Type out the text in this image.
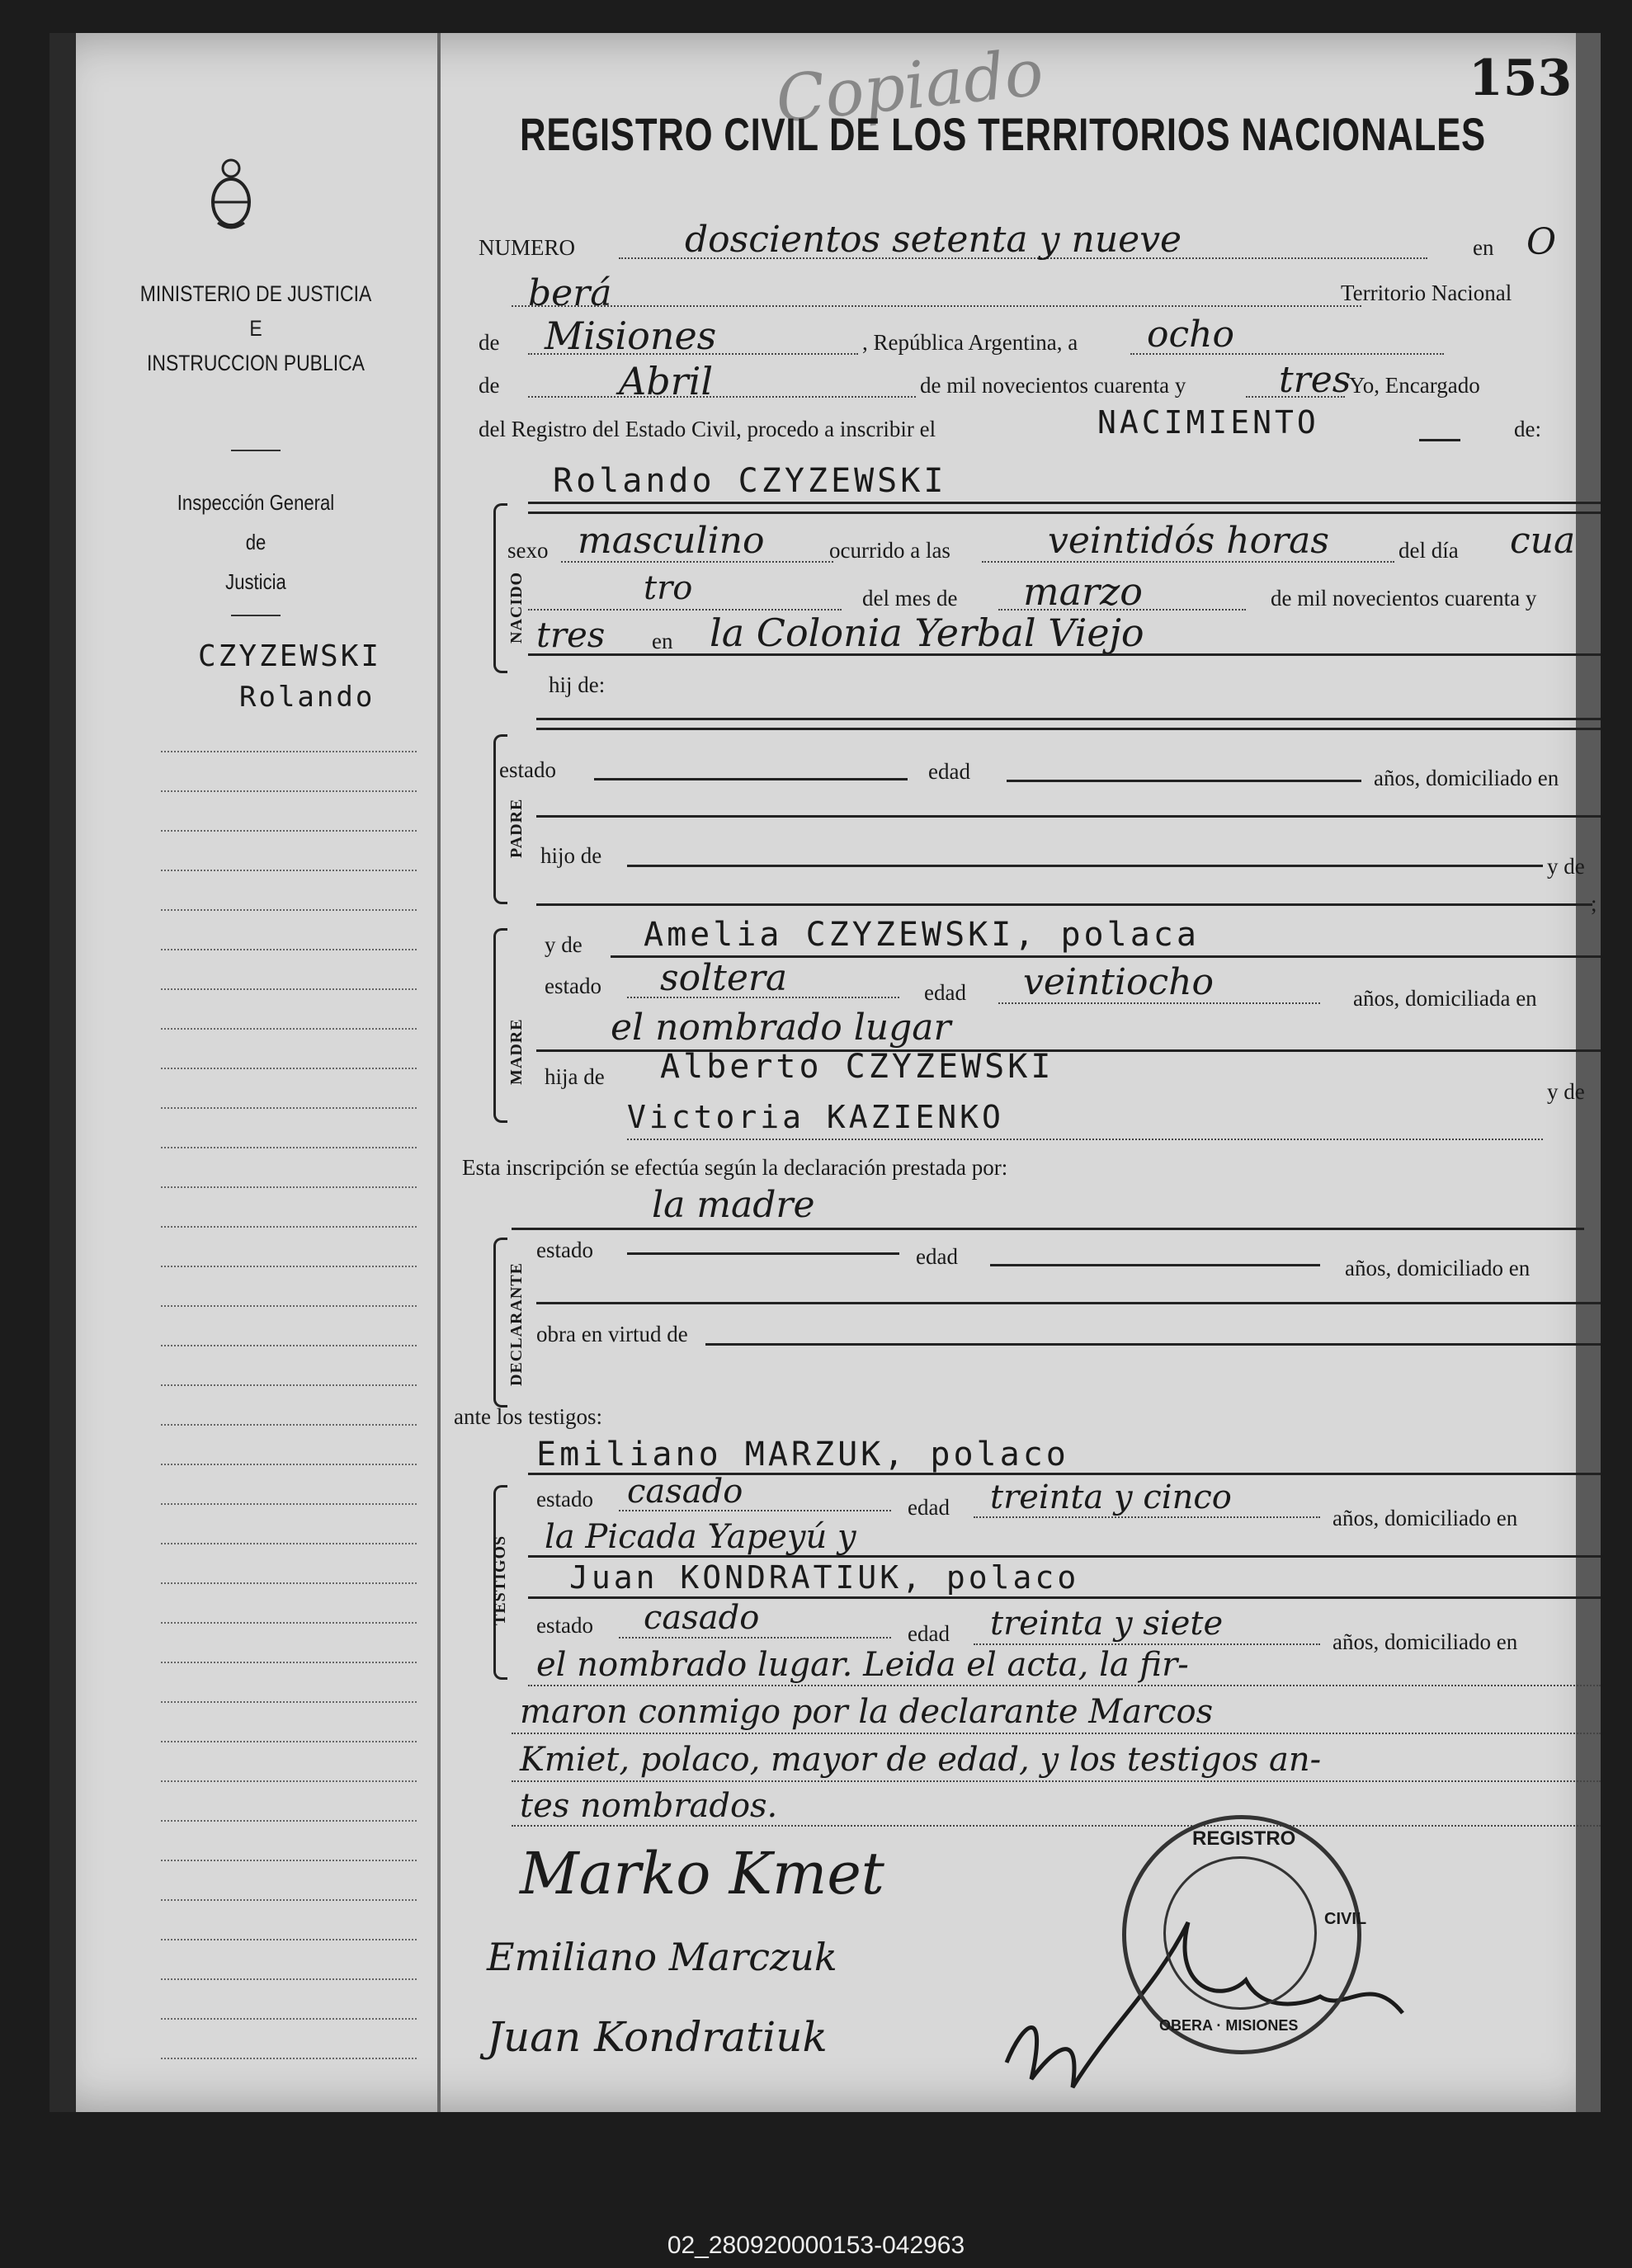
MINISTERIO DE JUSTICIA
E
INSTRUCCION PUBLICA
Inspección General
de
Justicia
CZYZEWSKI
Rolando
Copiado	153
REGISTRO CIVIL DE LOS TERRITORIOS NACIONALES
NUMERO	doscientos setenta y nueve	en O
berá	Territorio Nacional
de Misiones	, República Argentina, a ocho
de	Abril	de mil novecientos cuarenta y	tres
Yo, Encargado
del Registro del Estado Civil, procedo a inscribir el	NACIMIENTO	de:
NACIDO
Rolando CZYZEWSKI
sexo masculino	ocurrido a las	veintidós horas	del día cua
tro	del mes de marzo	de mil novecientos cuarenta y
tres en la Colonia Yerbal Viejo
hij de:
PADRE
estado	edad	años, domiciliado en
hijo de	y de
;
MADRE
y de Amelia CZYZEWSKI, polaca
estado soltera	edad veintiocho	años, domiciliada en
el nombrado lugar
hija de Alberto CZYZEWSKI
Victoria KAZIENKO
y de
Esta inscripción se efectúa según la declaración prestada por:
la madre
DECLARANTE
estado	edad	años, domiciliado en
obra en virtud de
ante los testigos:
Emiliano MARZUK, polaco
TESTIGOS
estado casado	edad treinta y cinco
años, domiciliado en
la Picada Yapeyú y
Juan KONDRATIUK, polaco
estado casado	edad treinta y siete	años, domiciliado en
el nombrado lugar. Leida el acta, la fir-
maron conmigo por la declarante Marcos
Kmiet, polaco, mayor de edad, y los testigos an-
tes nombrados.
Marko Kmet
Emiliano Marczuk
Juan Kondratiuk
REGISTRO
OBERA · MISIONES
CIVIL
02_280920000153-042963
